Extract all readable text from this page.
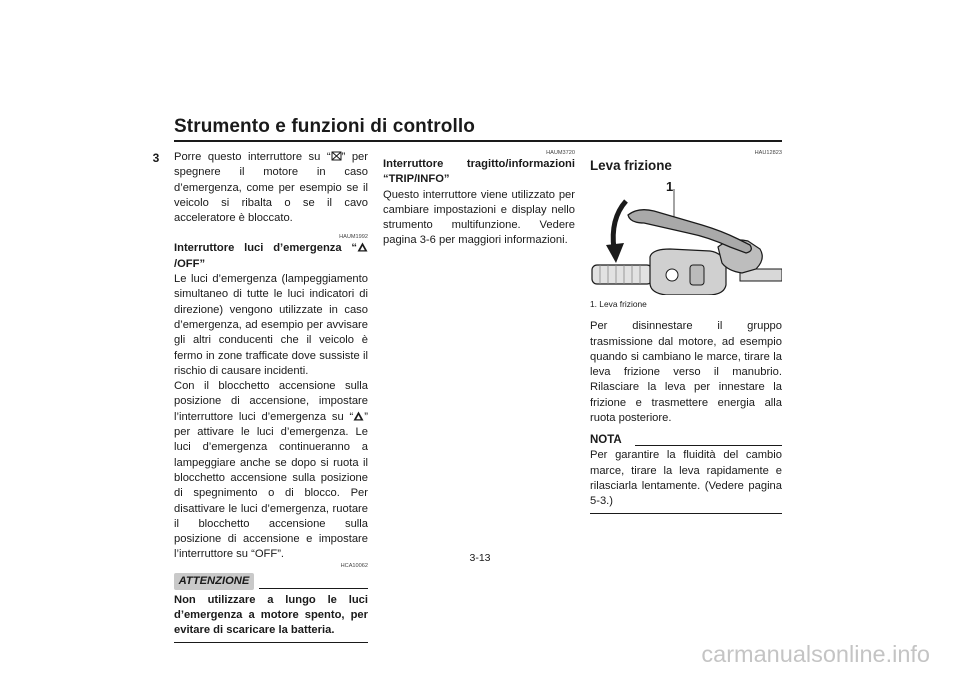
Strumento e funzioni di controllo
3 Porre questo interruttore su “ ” per spegnere il motore in caso d’emergenza, come per esempio se il veicolo si ribalta o se il cavo acceleratore è bloccato.

HAUM1992

Interruttore luci d’emergenza “/OFF”

Le luci d’emergenza (lampeggiamento simultaneo di tutte le luci indicatori di direzione) vengono utilizzate in caso d’emergenza, ad esempio per avvisare gli altri conducenti che il veicolo è fermo in zone trafficate dove sussiste il rischio di causare incidenti.

Con il blocchetto accensione sulla posizione di accensione, impostare l’interruttore luci d’emergenza su “ ” per attivare le luci d’emergenza. Le luci d’emergenza continueranno a lampeggiare anche se dopo si ruota il blocchetto accensione sulla posizione di spegnimento o di blocco. Per disattivare le luci d’emergenza, ruotare il blocchetto accensione sulla posizione di accensione e impostare l’interruttore su “OFF”.

HCA10062
ATTENZIONE

Non utilizzare a lungo le luci d’emergenza a motore spento, per evitare di scaricare la batteria.

HAUM3720

Interruttore tragitto/informazioni “TRIP/INFO”

Questo interruttore viene utilizzato per cambiare impostazioni e display nello strumento multifunzione. Vedere pagina 3-6 per maggiori informazioni.

HAU12823
Leva frizione
1
1. Leva frizione

Per disinnestare il gruppo trasmissione dal motore, ad esempio quando si cambiano le marce, tirare la leva frizione verso il manubrio. Rilasciare la leva per innestare la frizione e trasmettere energia alla ruota posteriore.

NOTA

Per garantire la fluidità del cambio marce, tirare la leva rapidamente e rilasciarla lentamente. (Vedere pagina 5-3.)

3-13
carmanualsonline.info
